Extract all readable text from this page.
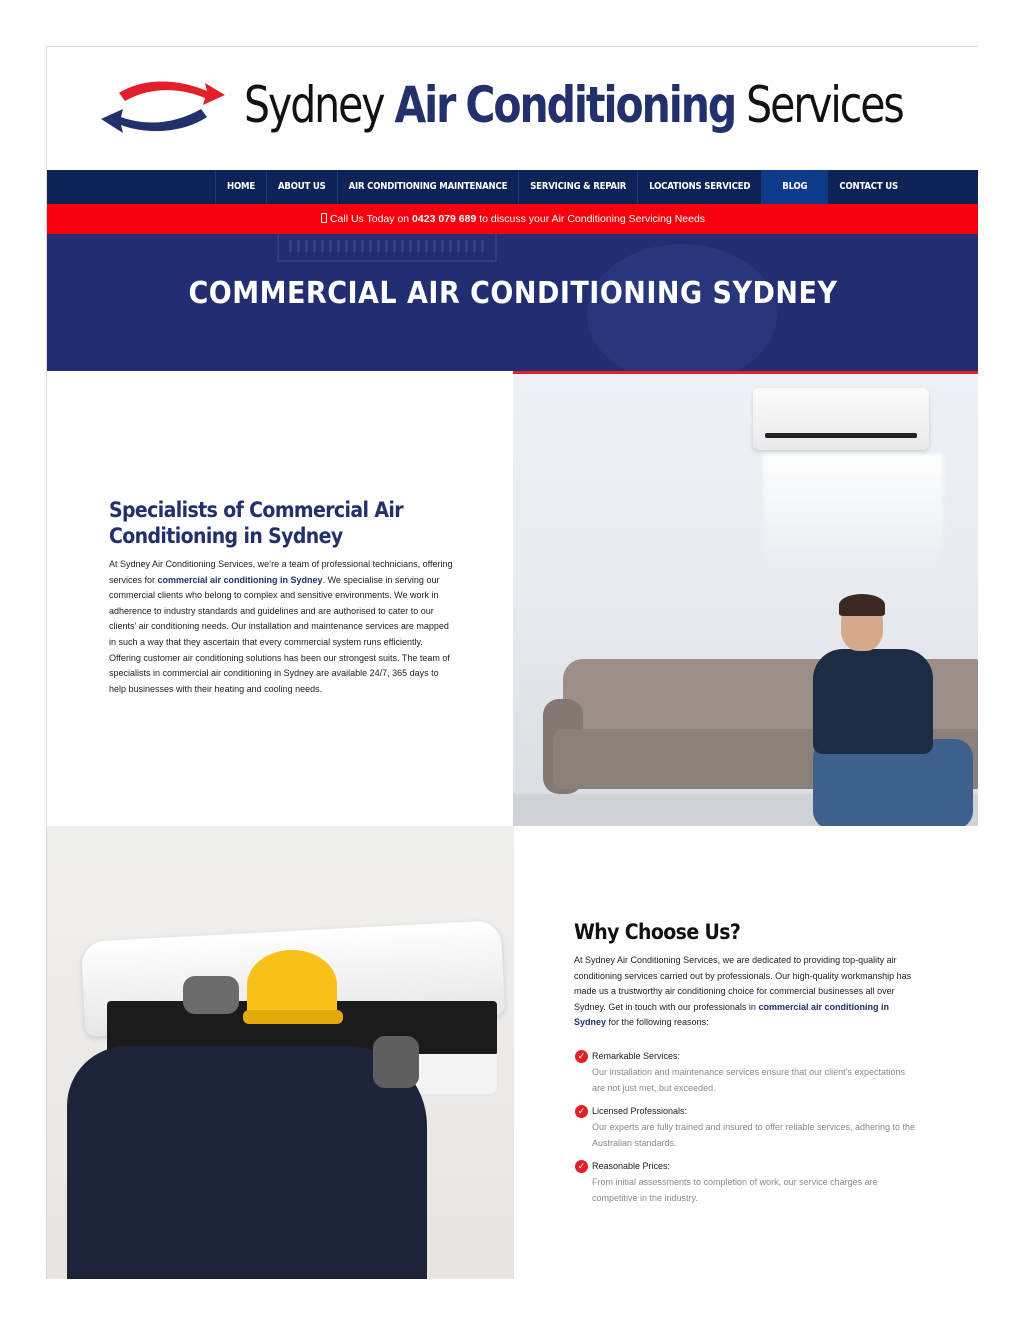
Sydney Air Conditioning Services
HOME	ABOUT US	AIR CONDITIONING MAINTENANCE	SERVICING & REPAIR	LOCATIONS SERVICED	BLOG	CONTACT US
Call Us Today on 0423 079 689 to discuss your Air Conditioning Servicing Needs
COMMERCIAL AIR CONDITIONING SYDNEY
Specialists of Commercial Air Conditioning in Sydney

At Sydney Air Conditioning Services, we’re a team of professional technicians, offering services for commercial air conditioning in Sydney. We specialise in serving our commercial clients who belong to complex and sensitive environments. We work in adherence to industry standards and guidelines and are authorised to cater to our clients’ air conditioning needs. Our installation and maintenance services are mapped in such a way that they ascertain that every commercial system runs efficiently. Offering customer air conditioning solutions has been our strongest suits. The team of specialists in commercial air conditioning in Sydney are available 24/7, 365 days to help businesses with their heating and cooling needs.

Why Choose Us?

At Sydney Air Conditioning Services, we are dedicated to providing top-quality air conditioning services carried out by professionals. Our high-quality workmanship has made us a trustworthy air conditioning choice for commercial businesses all over Sydney. Get in touch with our professionals in commercial air conditioning in Sydney for the following reasons:

✓ Remarkable Services:
Our installation and maintenance services ensure that our client’s expectations are not just met, but exceeded.
✓ Licensed Professionals:
Our experts are fully trained and insured to offer reliable services, adhering to the Australian standards.
✓ Reasonable Prices:
From initial assessments to completion of work, our service charges are competitive in the industry.
